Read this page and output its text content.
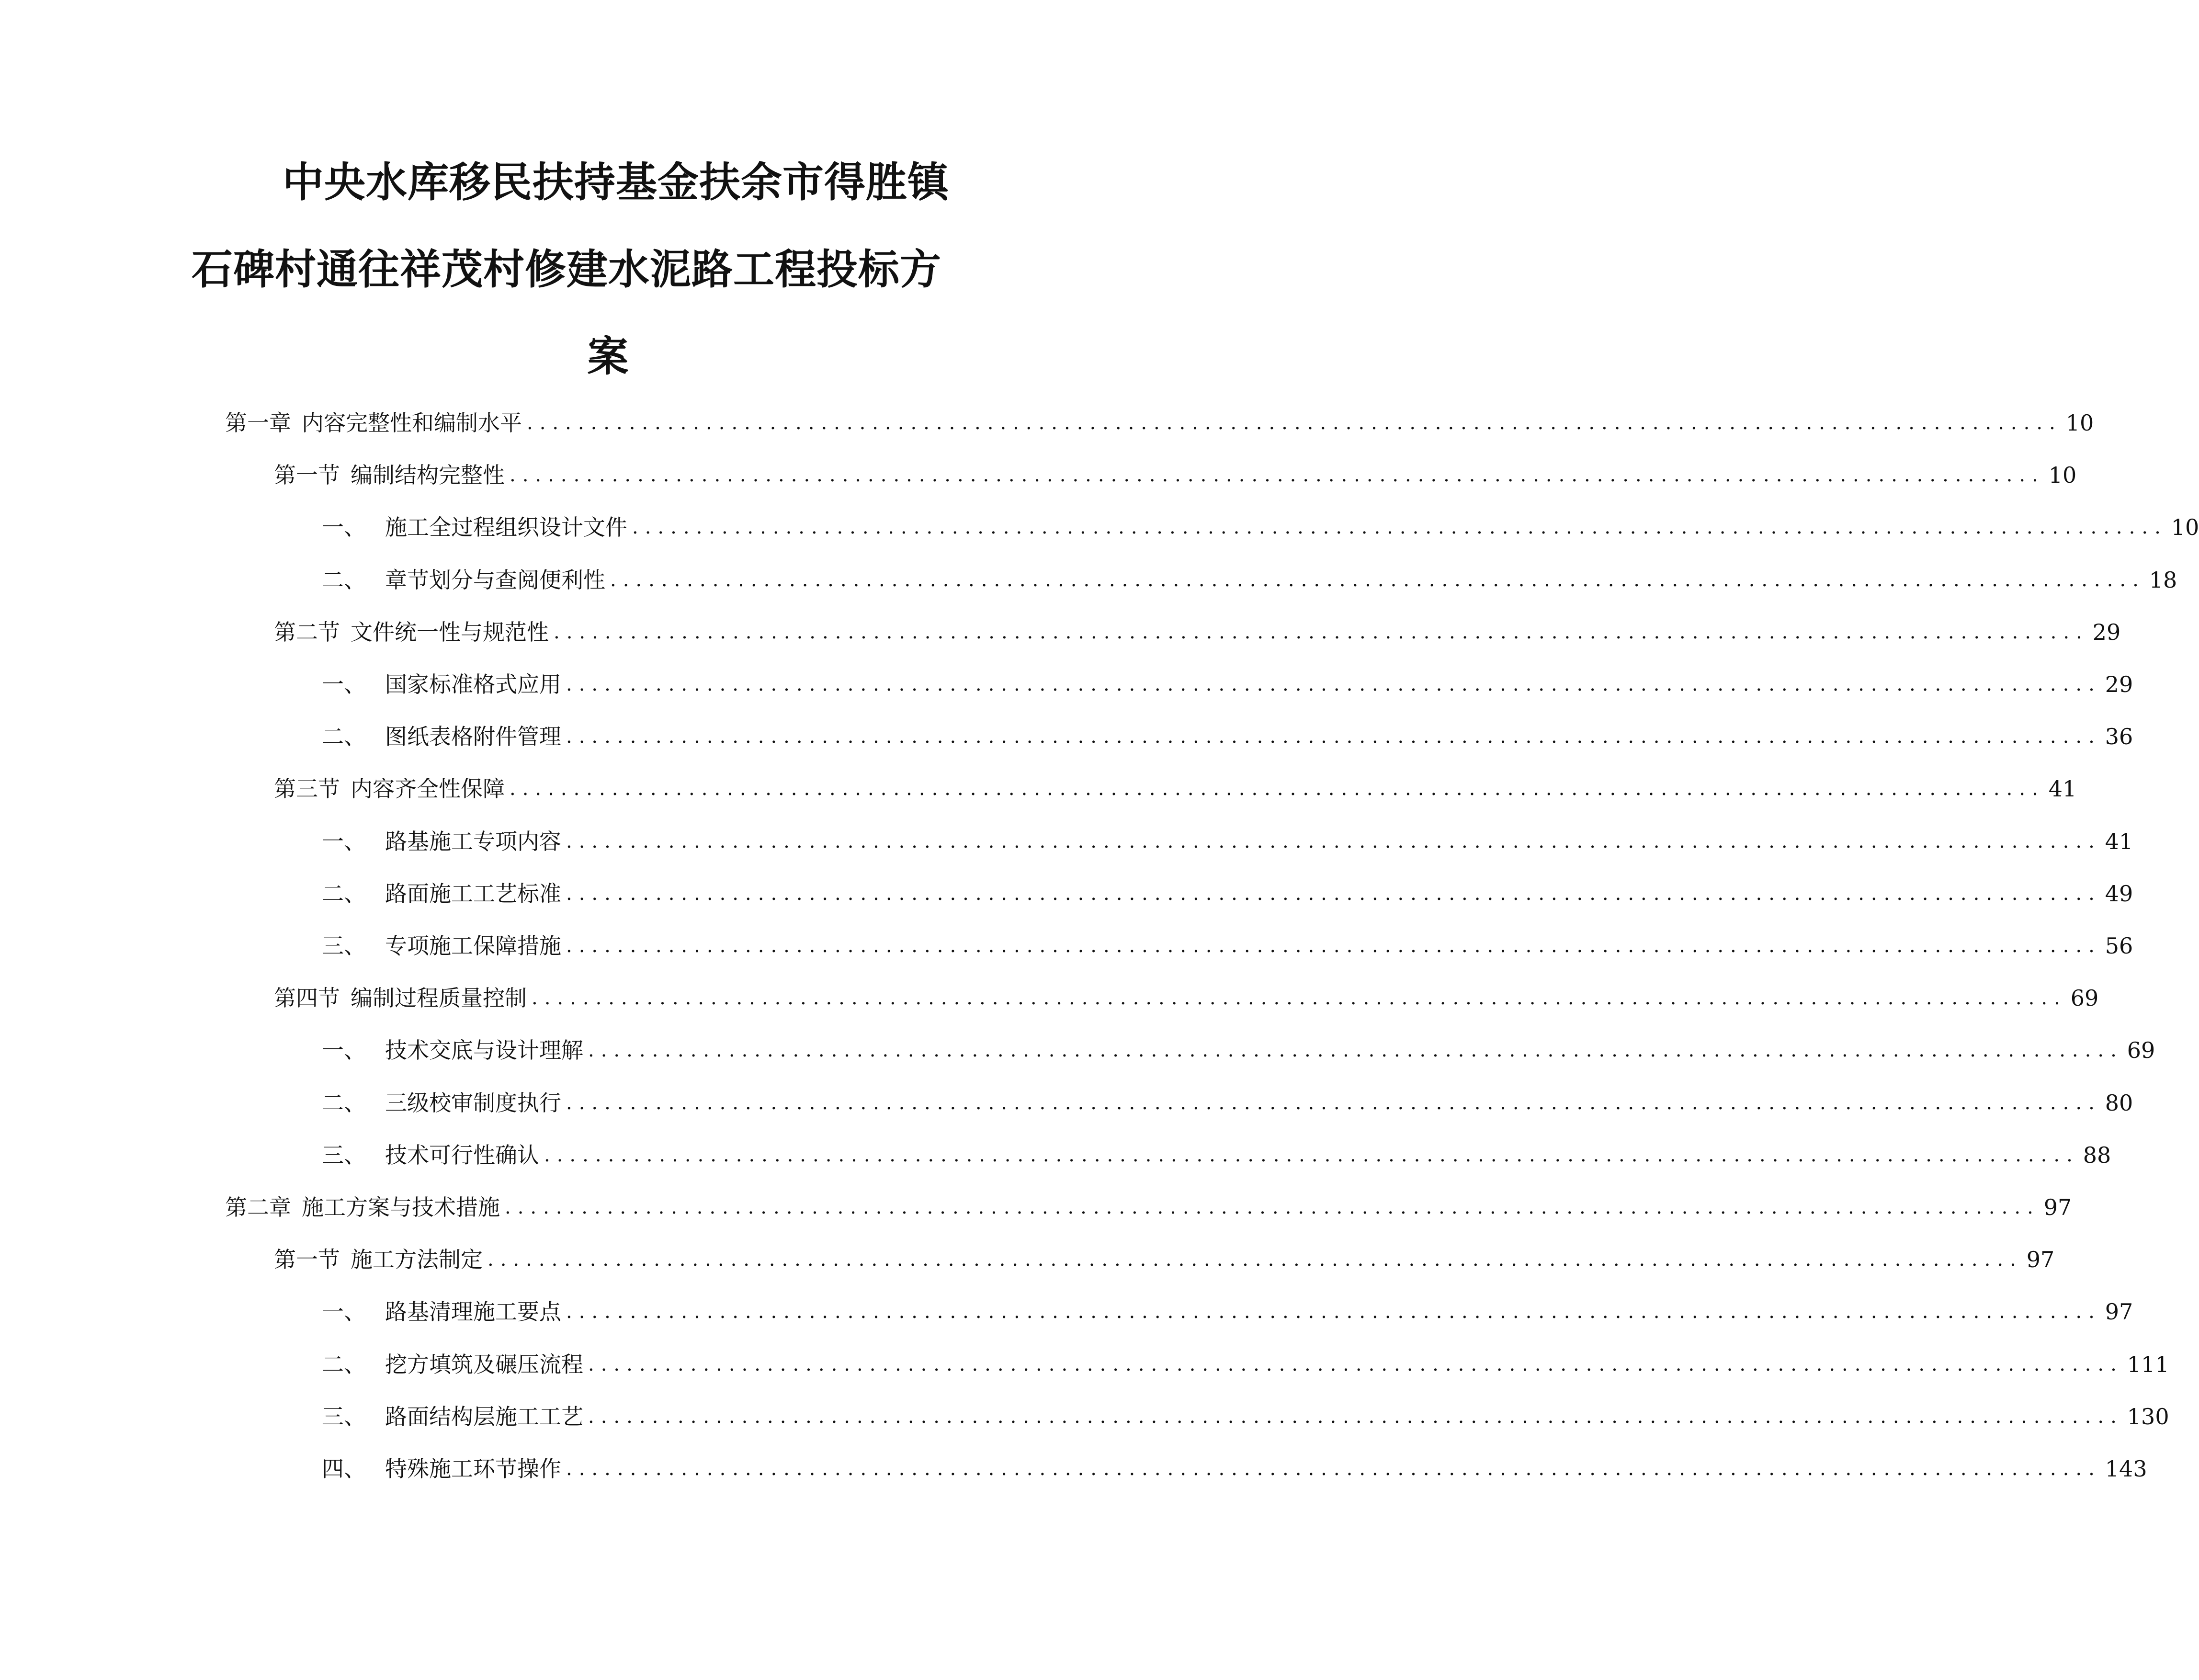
中央水库移民扶持基金扶余市得胜镇
石碑村通往祥茂村修建水泥路工程投标方
案
第一章 内容完整性和编制水平 ........................................................................................................................ 10
第一节 编制结构完整性 ........................................................................................................................ 10
一、 施工全过程组织设计文件 ........................................................................................................................ 10
二、 章节划分与查阅便利性 ........................................................................................................................ 18
第二节 文件统一性与规范性 ........................................................................................................................ 29
一、 国家标准格式应用 ........................................................................................................................ 29
二、 图纸表格附件管理 ........................................................................................................................ 36
第三节 内容齐全性保障 ........................................................................................................................ 41
一、 路基施工专项内容 ........................................................................................................................ 41
二、 路面施工工艺标准 ........................................................................................................................ 49
三、 专项施工保障措施 ........................................................................................................................ 56
第四节 编制过程质量控制 ........................................................................................................................ 69
一、 技术交底与设计理解 ........................................................................................................................ 69
二、 三级校审制度执行 ........................................................................................................................ 80
三、 技术可行性确认 ........................................................................................................................ 88
第二章 施工方案与技术措施 ........................................................................................................................ 97
第一节 施工方法制定 ........................................................................................................................ 97
一、 路基清理施工要点 ........................................................................................................................ 97
二、 挖方填筑及碾压流程 ........................................................................................................................ 111
三、 路面结构层施工工艺 ........................................................................................................................ 130
四、 特殊施工环节操作 ........................................................................................................................ 143
